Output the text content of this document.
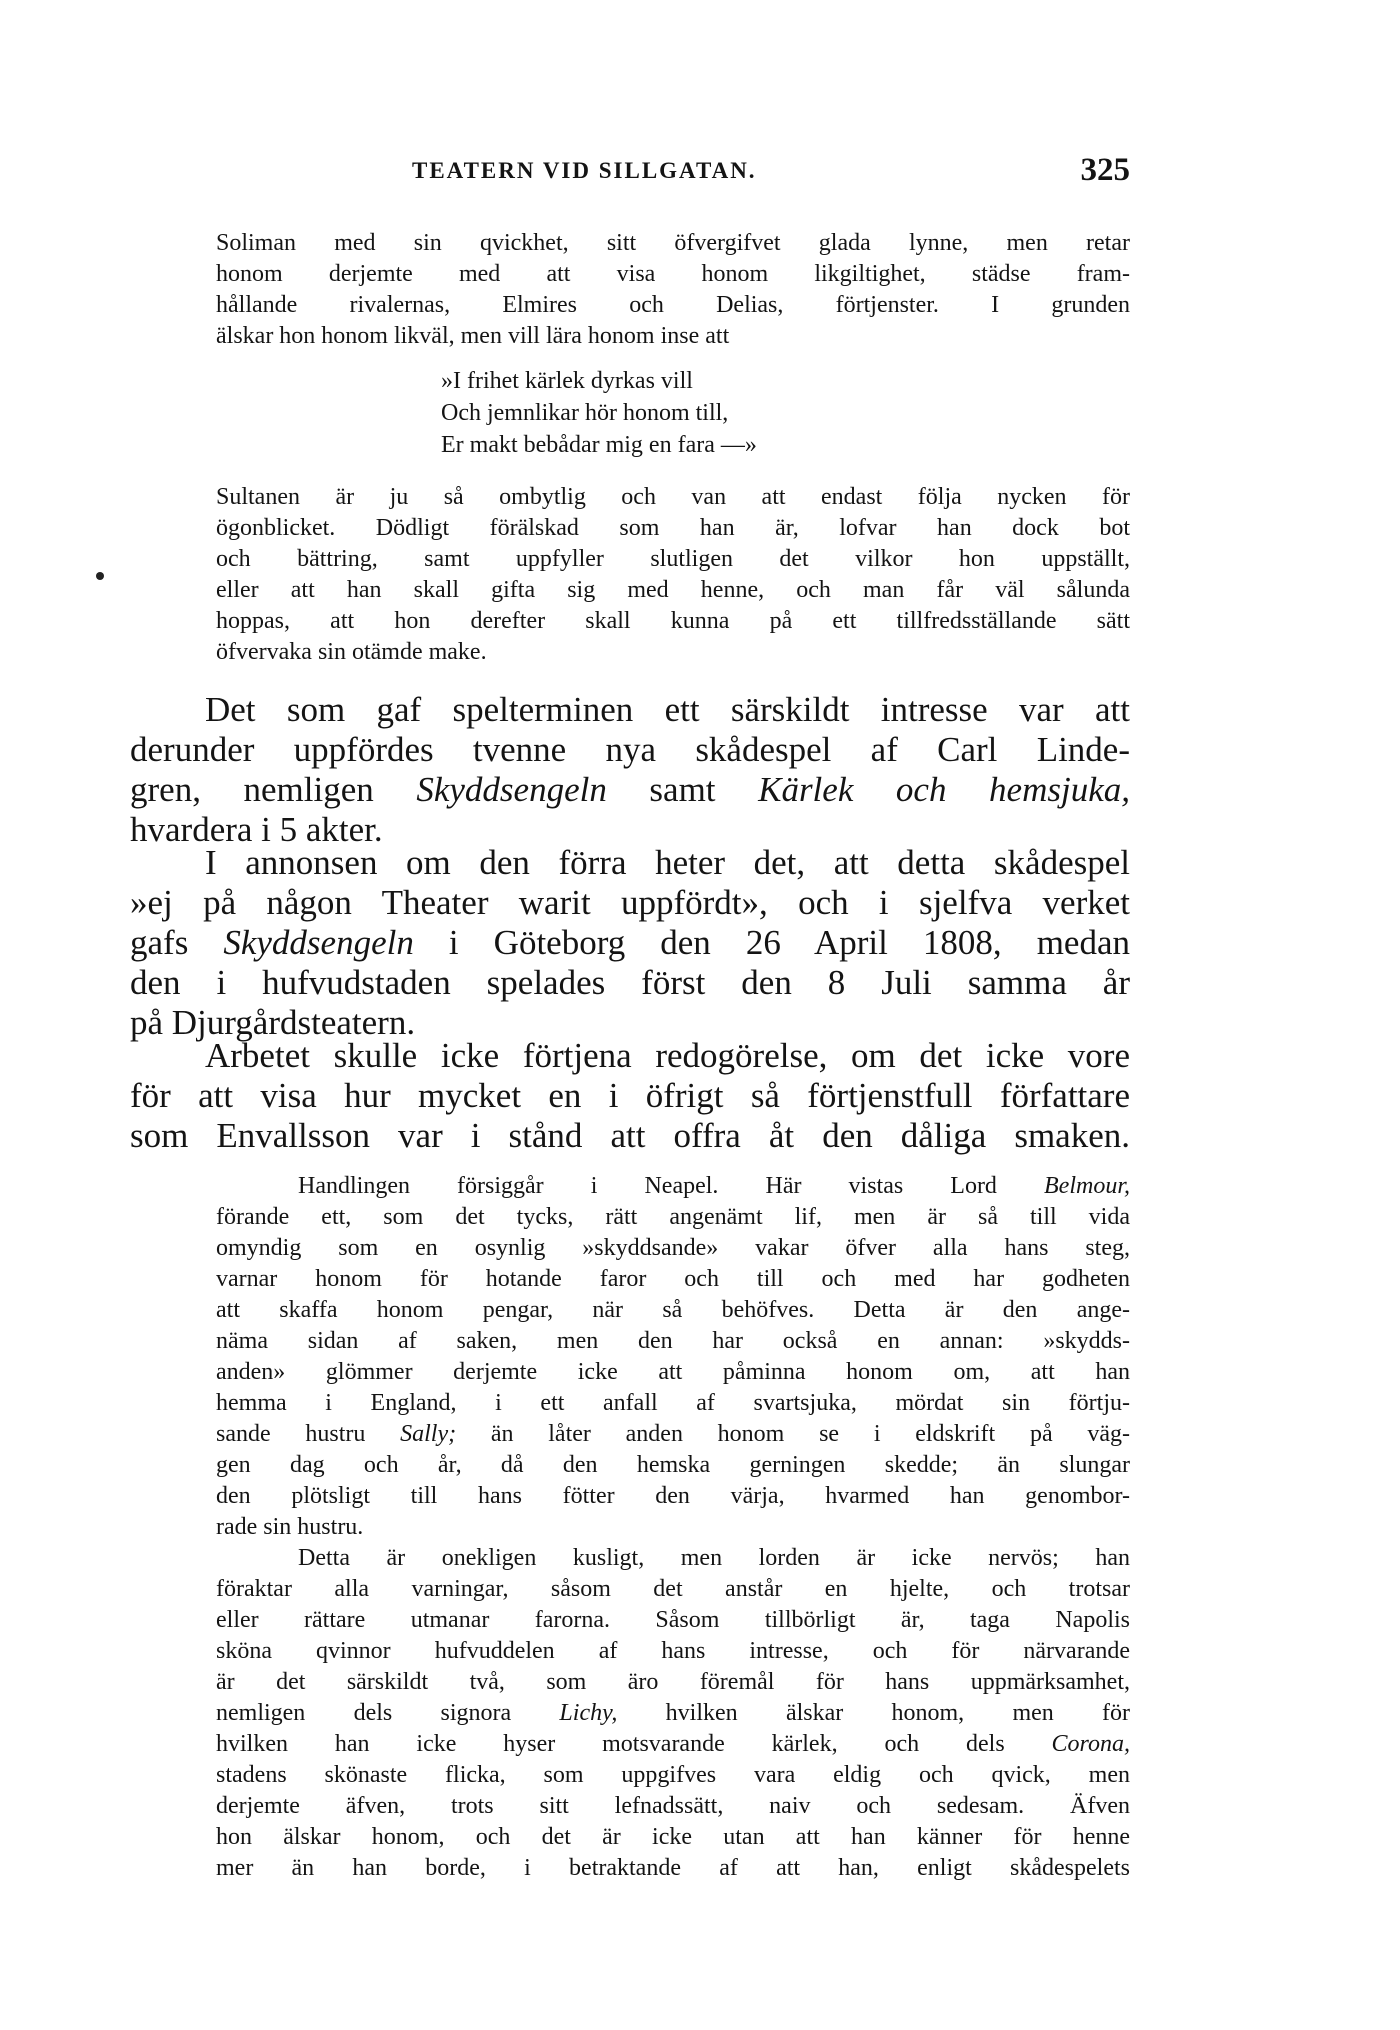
TEATERN VID SILLGATAN.	325

Soliman med sin qvickhet, sitt öfvergifvet glada lynne, men retar
honom derjemte med att visa honom likgiltighet, städse fram-
hållande rivalernas, Elmires och Delias, förtjenster. I grunden
älskar hon honom likväl, men vill lära honom inse att

»I frihet kärlek dyrkas vill
Och jemnlikar hör honom till,
Er makt bebådar mig en fara —»

Sultanen är ju så ombytlig och van att endast följa nycken för
ögonblicket. Dödligt förälskad som han är, lofvar han dock bot
och bättring, samt uppfyller slutligen det vilkor hon uppställt,
eller att han skall gifta sig med henne, och man får väl sålunda
hoppas, att hon derefter skall kunna på ett tillfredsställande sätt
öfvervaka sin otämde make.

Det som gaf spelterminen ett särskildt intresse var att
derunder uppfördes tvenne nya skådespel af Carl Linde-
gren, nemligen Skyddsengeln samt Kärlek och hemsjuka,
hvardera i 5 akter.

I annonsen om den förra heter det, att detta skådespel
»ej på någon Theater warit uppfördt», och i sjelfva verket
gafs Skyddsengeln i Göteborg den 26 April 1808, medan
den i hufvudstaden spelades först den 8 Juli samma år
på Djurgårdsteatern.

Arbetet skulle icke förtjena redogörelse, om det icke vore
för att visa hur mycket en i öfrigt så förtjenstfull författare
som Envallsson var i stånd att offra åt den dåliga smaken.

Handlingen försiggår i Neapel. Här vistas Lord Belmour,
förande ett, som det tycks, rätt angenämt lif, men är så till vida
omyndig som en osynlig »skyddsande» vakar öfver alla hans steg,
varnar honom för hotande faror och till och med har godheten
att skaffa honom pengar, när så behöfves. Detta är den ange-
näma sidan af saken, men den har också en annan: »skydds-
anden» glömmer derjemte icke att påminna honom om, att han
hemma i England, i ett anfall af svartsjuka, mördat sin förtju-
sande hustru Sally; än låter anden honom se i eldskrift på väg-
gen dag och år, då den hemska gerningen skedde; än slungar
den plötsligt till hans fötter den värja, hvarmed han genombor-
rade sin hustru.

Detta är onekligen kusligt, men lorden är icke nervös; han
föraktar alla varningar, såsom det anstår en hjelte, och trotsar
eller rättare utmanar farorna. Såsom tillbörligt är, taga Napolis
sköna qvinnor hufvuddelen af hans intresse, och för närvarande
är det särskildt två, som äro föremål för hans uppmärksamhet,
nemligen dels signora Lichy, hvilken älskar honom, men för
hvilken han icke hyser motsvarande kärlek, och dels Corona,
stadens skönaste flicka, som uppgifves vara eldig och qvick, men
derjemte äfven, trots sitt lefnadssätt, naiv och sedesam. Äfven
hon älskar honom, och det är icke utan att han känner för henne
mer än han borde, i betraktande af att han, enligt skådespelets
